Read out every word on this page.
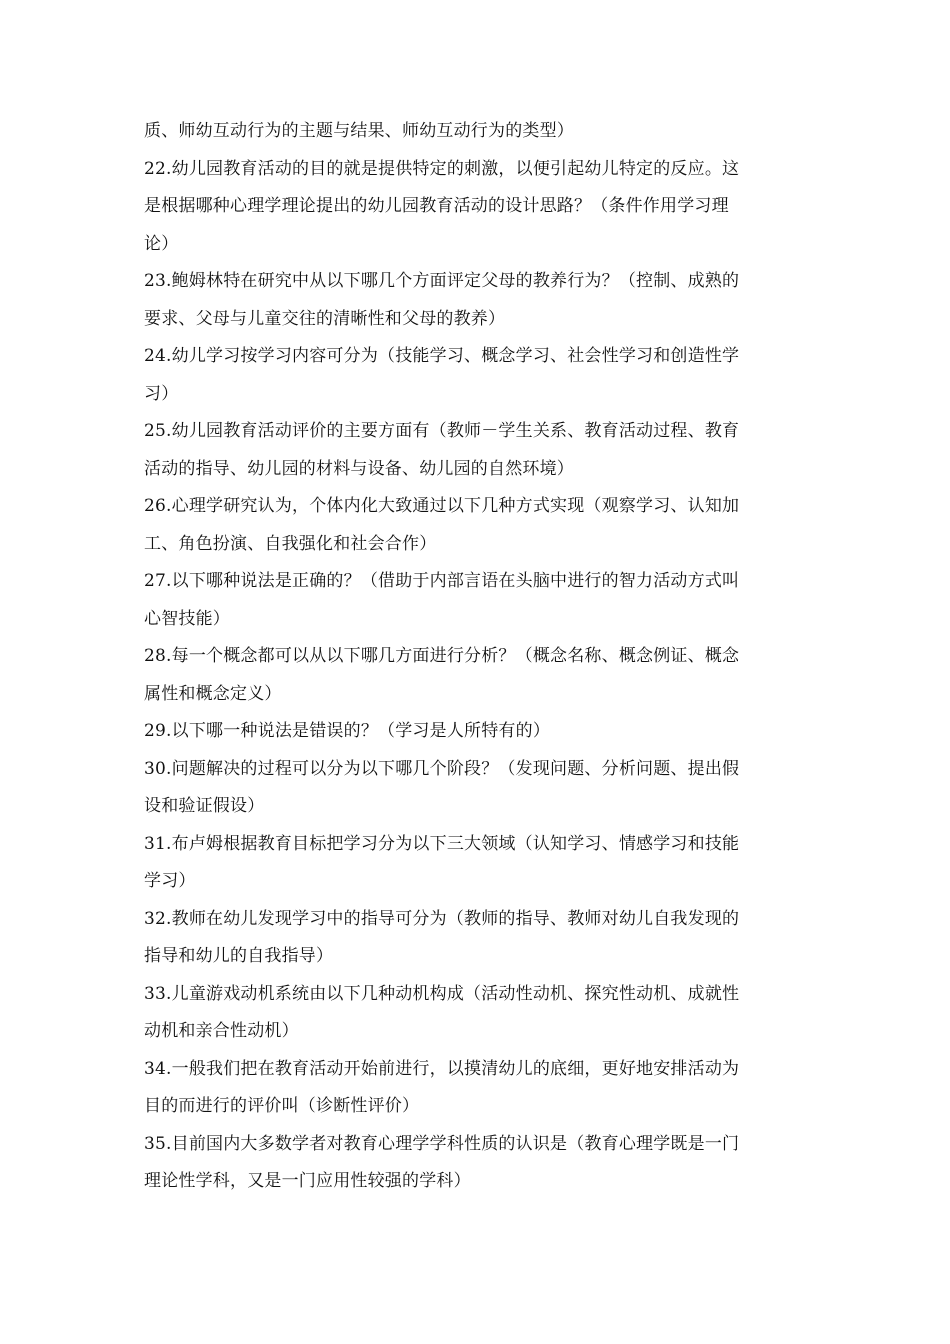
质、师幼互动行为的主题与结果、师幼互动行为的类型）

22.幼儿园教育活动的目的就是提供特定的刺激，以便引起幼儿特定的反应。这
是根据哪种心理学理论提出的幼儿园教育活动的设计思路？（条件作用学习理
论）

23.鲍姆林特在研究中从以下哪几个方面评定父母的教养行为？（控制、成熟的
要求、父母与儿童交往的清晰性和父母的教养）

24.幼儿学习按学习内容可分为（技能学习、概念学习、社会性学习和创造性学
习）

25.幼儿园教育活动评价的主要方面有（教师－学生关系、教育活动过程、教育
活动的指导、幼儿园的材料与设备、幼儿园的自然环境）

26.心理学研究认为，个体内化大致通过以下几种方式实现（观察学习、认知加
工、角色扮演、自我强化和社会合作）

27.以下哪种说法是正确的？（借助于内部言语在头脑中进行的智力活动方式叫
心智技能）

28.每一个概念都可以从以下哪几方面进行分析？（概念名称、概念例证、概念
属性和概念定义）

29.以下哪一种说法是错误的？（学习是人所特有的）

30.问题解决的过程可以分为以下哪几个阶段？（发现问题、分析问题、提出假
设和验证假设）

31.布卢姆根据教育目标把学习分为以下三大领域（认知学习、情感学习和技能
学习）

32.教师在幼儿发现学习中的指导可分为（教师的指导、教师对幼儿自我发现的
指导和幼儿的自我指导）

33.儿童游戏动机系统由以下几种动机构成（活动性动机、探究性动机、成就性
动机和亲合性动机）

34.一般我们把在教育活动开始前进行，以摸清幼儿的底细，更好地安排活动为
目的而进行的评价叫（诊断性评价）

35.目前国内大多数学者对教育心理学学科性质的认识是（教育心理学既是一门
理论性学科，又是一门应用性较强的学科）
